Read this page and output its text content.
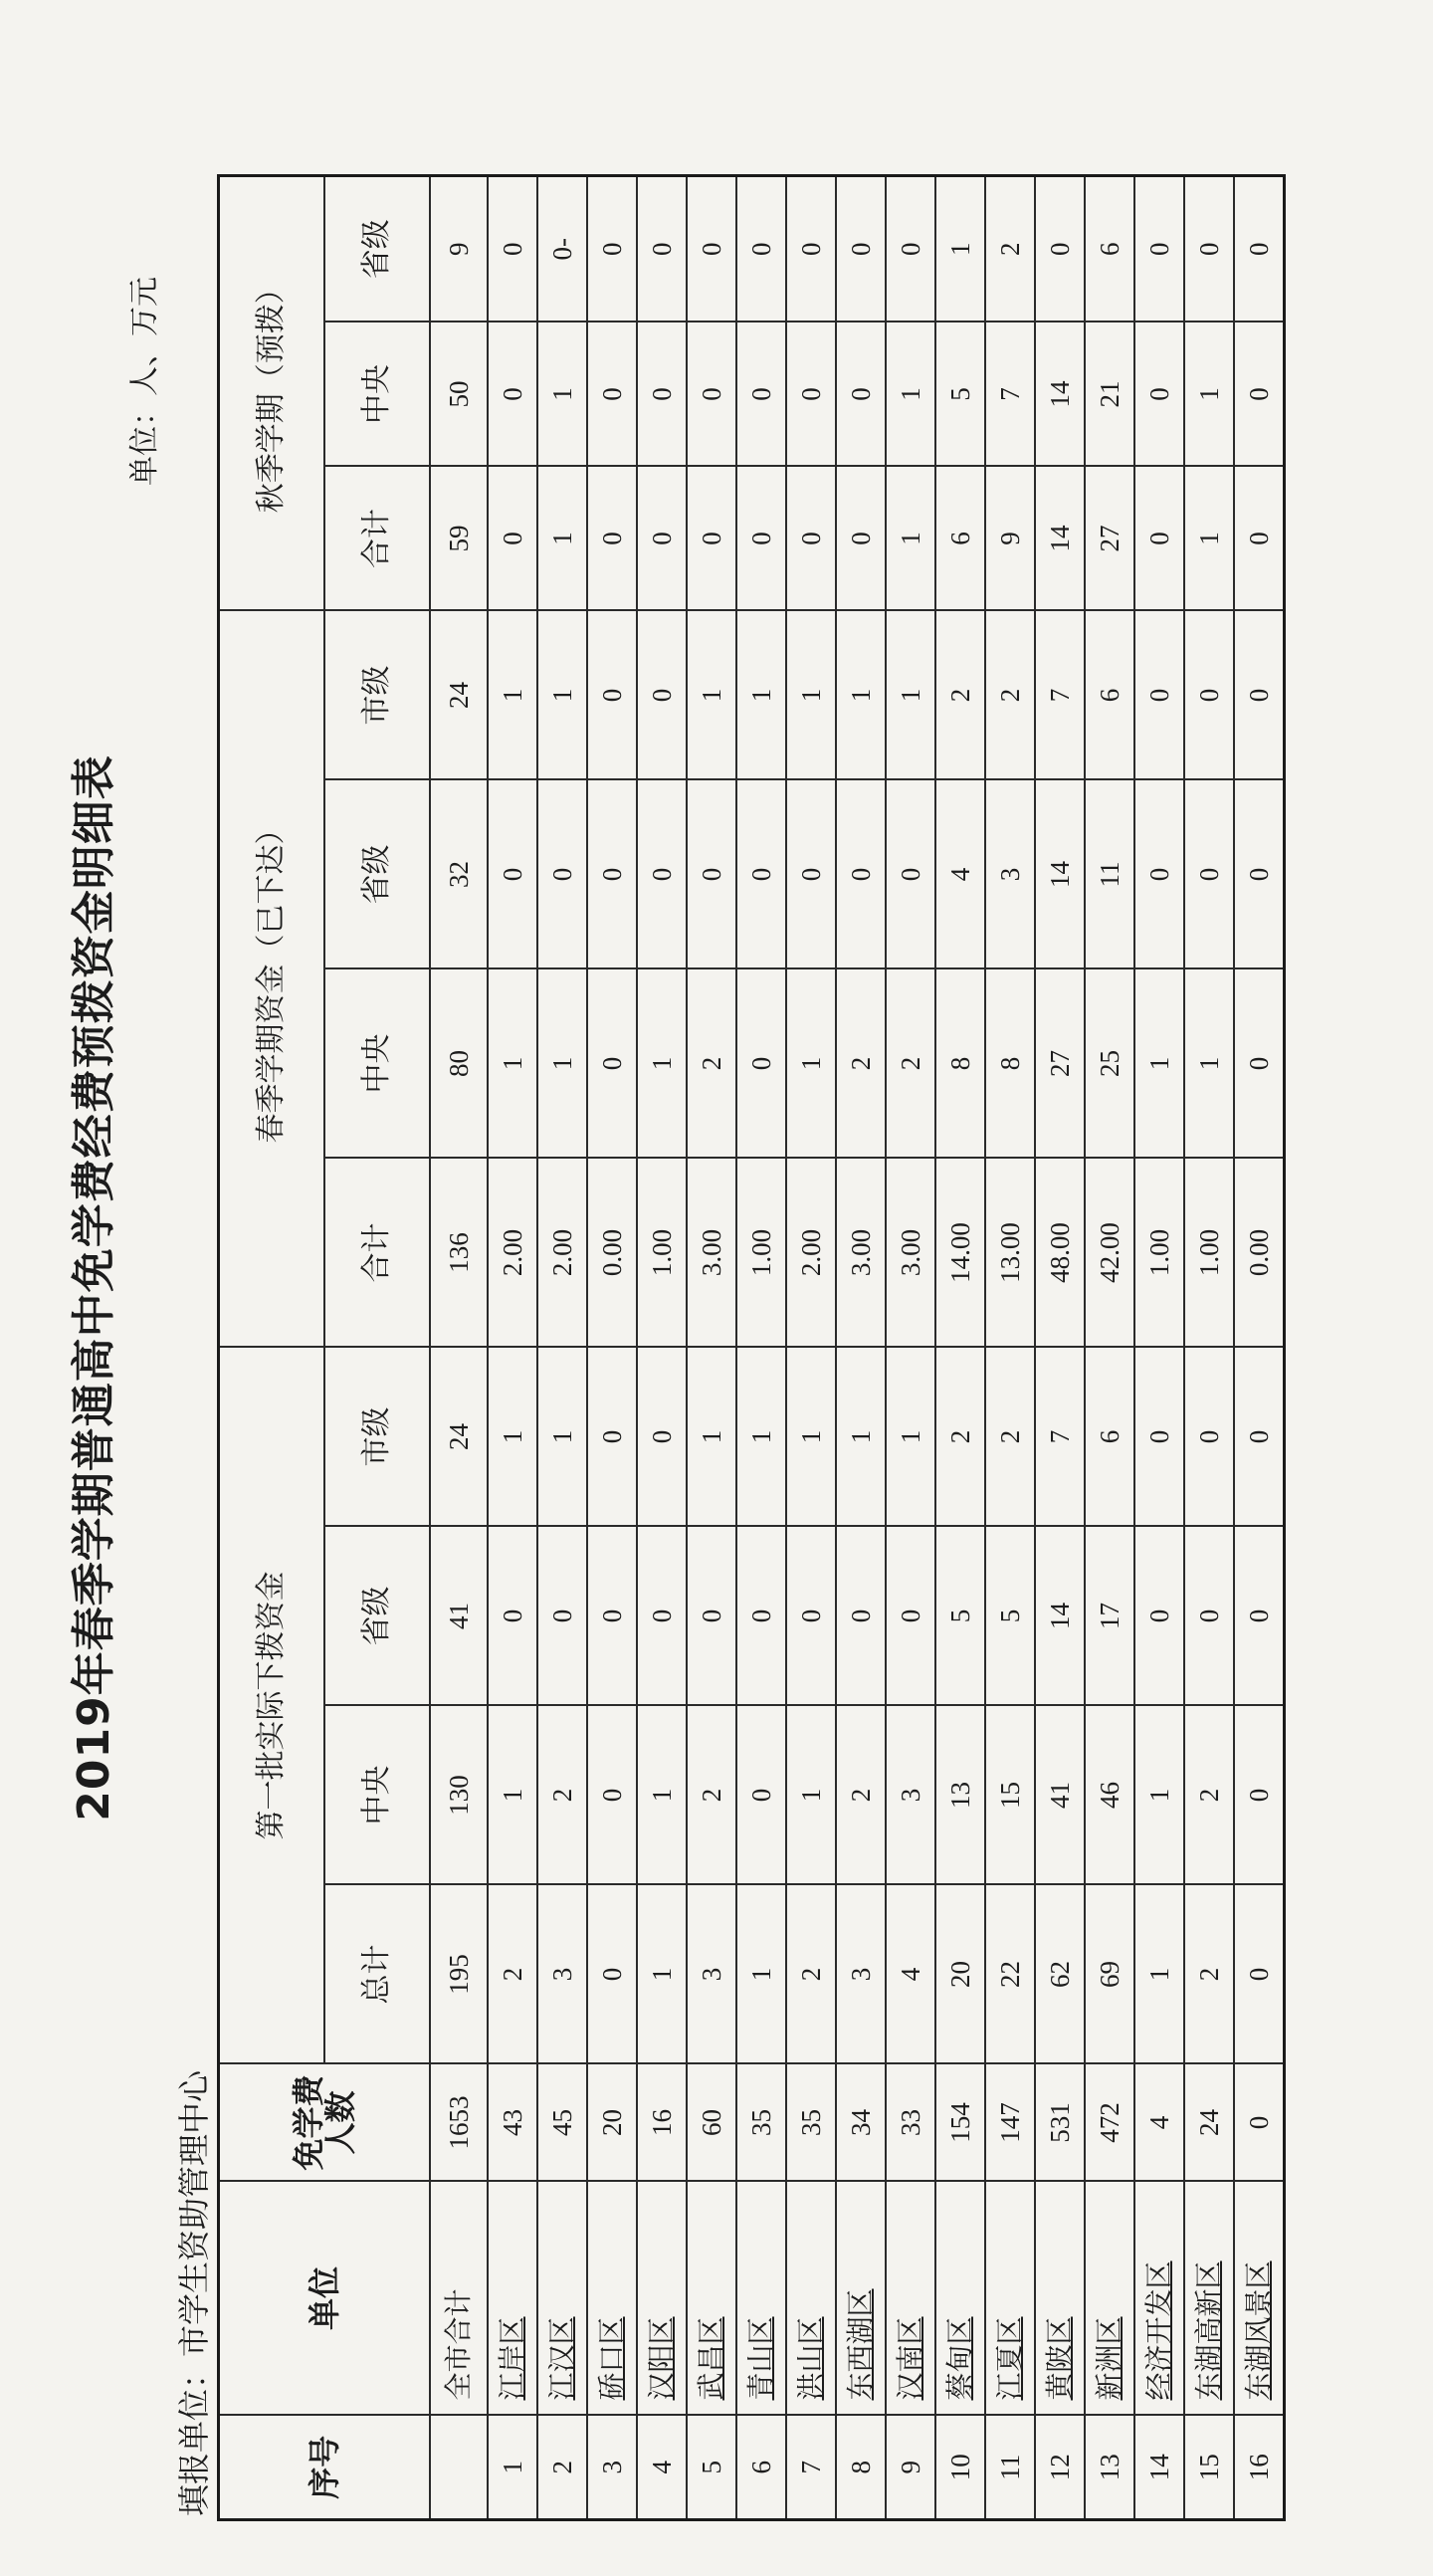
2019年春季学期普通高中免学费经费预拨资金明细表
单位：人、万元
填报单位：市学生资助管理中心	序号	单位	免学费人数	第一批实际下拨资金				春季学期资金（已下达）				秋季学期（预拨）		
			总计	中央	省级	市级	合计	中央	省级	市级	合计	中央	省级
	全市合计	1653	195	130	41	24	136	80	32	24	59	50	9
1	江岸区	43	2	1	0	1	2.00	1	0	1	0	0	0
2	江汉区	45	3	2	0	1	2.00	1	0	1	1	1	0-
3	硚口区	20	0	0	0	0	0.00	0	0	0	0	0	0
4	汉阳区	16	1	1	0	0	1.00	1	0	0	0	0	0
5	武昌区	60	3	2	0	1	3.00	2	0	1	0	0	0
6	青山区	35	1	0	0	1	1.00	0	0	1	0	0	0
7	洪山区	35	2	1	0	1	2.00	1	0	1	0	0	0
8	东西湖区	34	3	2	0	1	3.00	2	0	1	0	0	0
9	汉南区	33	4	3	0	1	3.00	2	0	1	1	1	0
10	蔡甸区	154	20	13	5	2	14.00	8	4	2	6	5	1
11	江夏区	147	22	15	5	2	13.00	8	3	2	9	7	2
12	黄陂区	531	62	41	14	7	48.00	27	14	7	14	14	0
13	新洲区	472	69	46	17	6	42.00	25	11	6	27	21	6
14	经济开发区	4	1	1	0	0	1.00	1	0	0	0	0	0
15	东湖高新区	24	2	2	0	0	1.00	1	0	0	1	1	0
16	东湖风景区	0	0	0	0	0	0.00	0	0	0	0	0	0
